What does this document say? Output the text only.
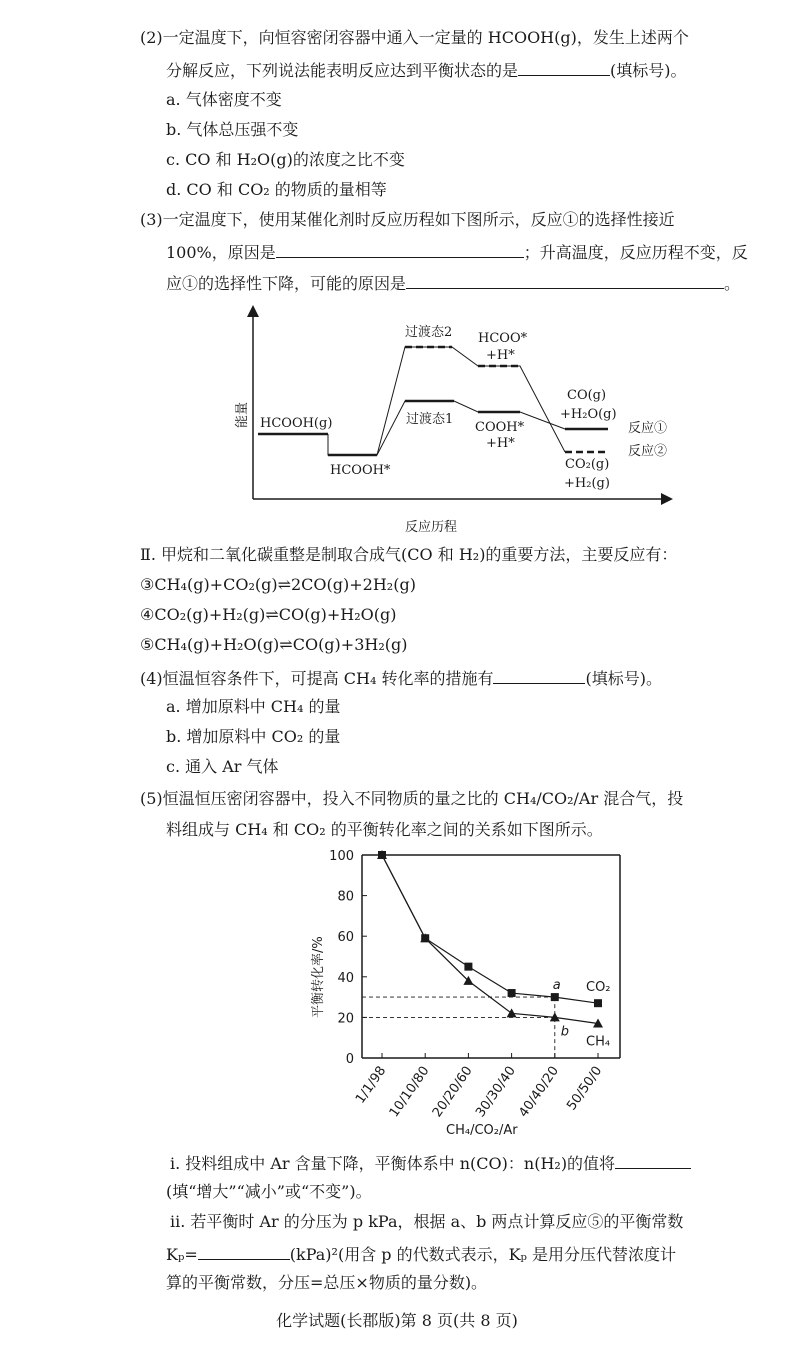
(2)一定温度下，向恒容密闭容器中通入一定量的 HCOOH(g)，发生上述两个
分解反应，下列说法能表明反应达到平衡状态的是	(填标号)。
a. 气体密度不变
b. 气体总压强不变
c. CO 和 H₂O(g)的浓度之比不变
d. CO 和 CO₂ 的物质的量相等
(3)一定温度下，使用某催化剂时反应历程如下图所示，反应①的选择性接近
100%，原因是	；升高温度，反应历程不变，反
应①的选择性下降，可能的原因是	。
能量
反应历程
HCOOH(g)
HCOOH*
过渡态2
过渡态1
HCOO*
+H*
COOH*
+H*
CO(g)
+H₂O(g)
CO₂(g)
+H₂(g)
反应①
反应②
Ⅱ. 甲烷和二氧化碳重整是制取合成气(CO 和 H₂)的重要方法，主要反应有：
③CH₄(g)+CO₂(g)⇌2CO(g)+2H₂(g)
④CO₂(g)+H₂(g)⇌CO(g)+H₂O(g)
⑤CH₄(g)+H₂O(g)⇌CO(g)+3H₂(g)
(4)恒温恒容条件下，可提高 CH₄ 转化率的措施有	(填标号)。
a. 增加原料中 CH₄ 的量
b. 增加原料中 CO₂ 的量
c. 通入 Ar 气体
(5)恒温恒压密闭容器中，投入不同物质的量之比的 CH₄/CO₂/Ar 混合气，投
料组成与 CH₄ 和 CO₂ 的平衡转化率之间的关系如下图所示。
0
20
40
60
80
100
1/1/98
10/10/80
20/20/60
30/30/40
40/40/20 50/50/0
CO₂
CH₄
a
b
平衡转化率/%
CH₄/CO₂/Ar
ⅰ. 投料组成中 Ar 含量下降，平衡体系中 n(CO)：n(H₂)的值将
(填“增大”“减小”或“不变”)。
ⅱ. 若平衡时 Ar 的分压为 p kPa，根据 a、b 两点计算反应⑤的平衡常数
Kₚ=	(kPa)²(用含 p 的代数式表示，Kₚ 是用分压代替浓度计
算的平衡常数，分压=总压×物质的量分数)。
化学试题(长郡版)第 8 页(共 8 页)
